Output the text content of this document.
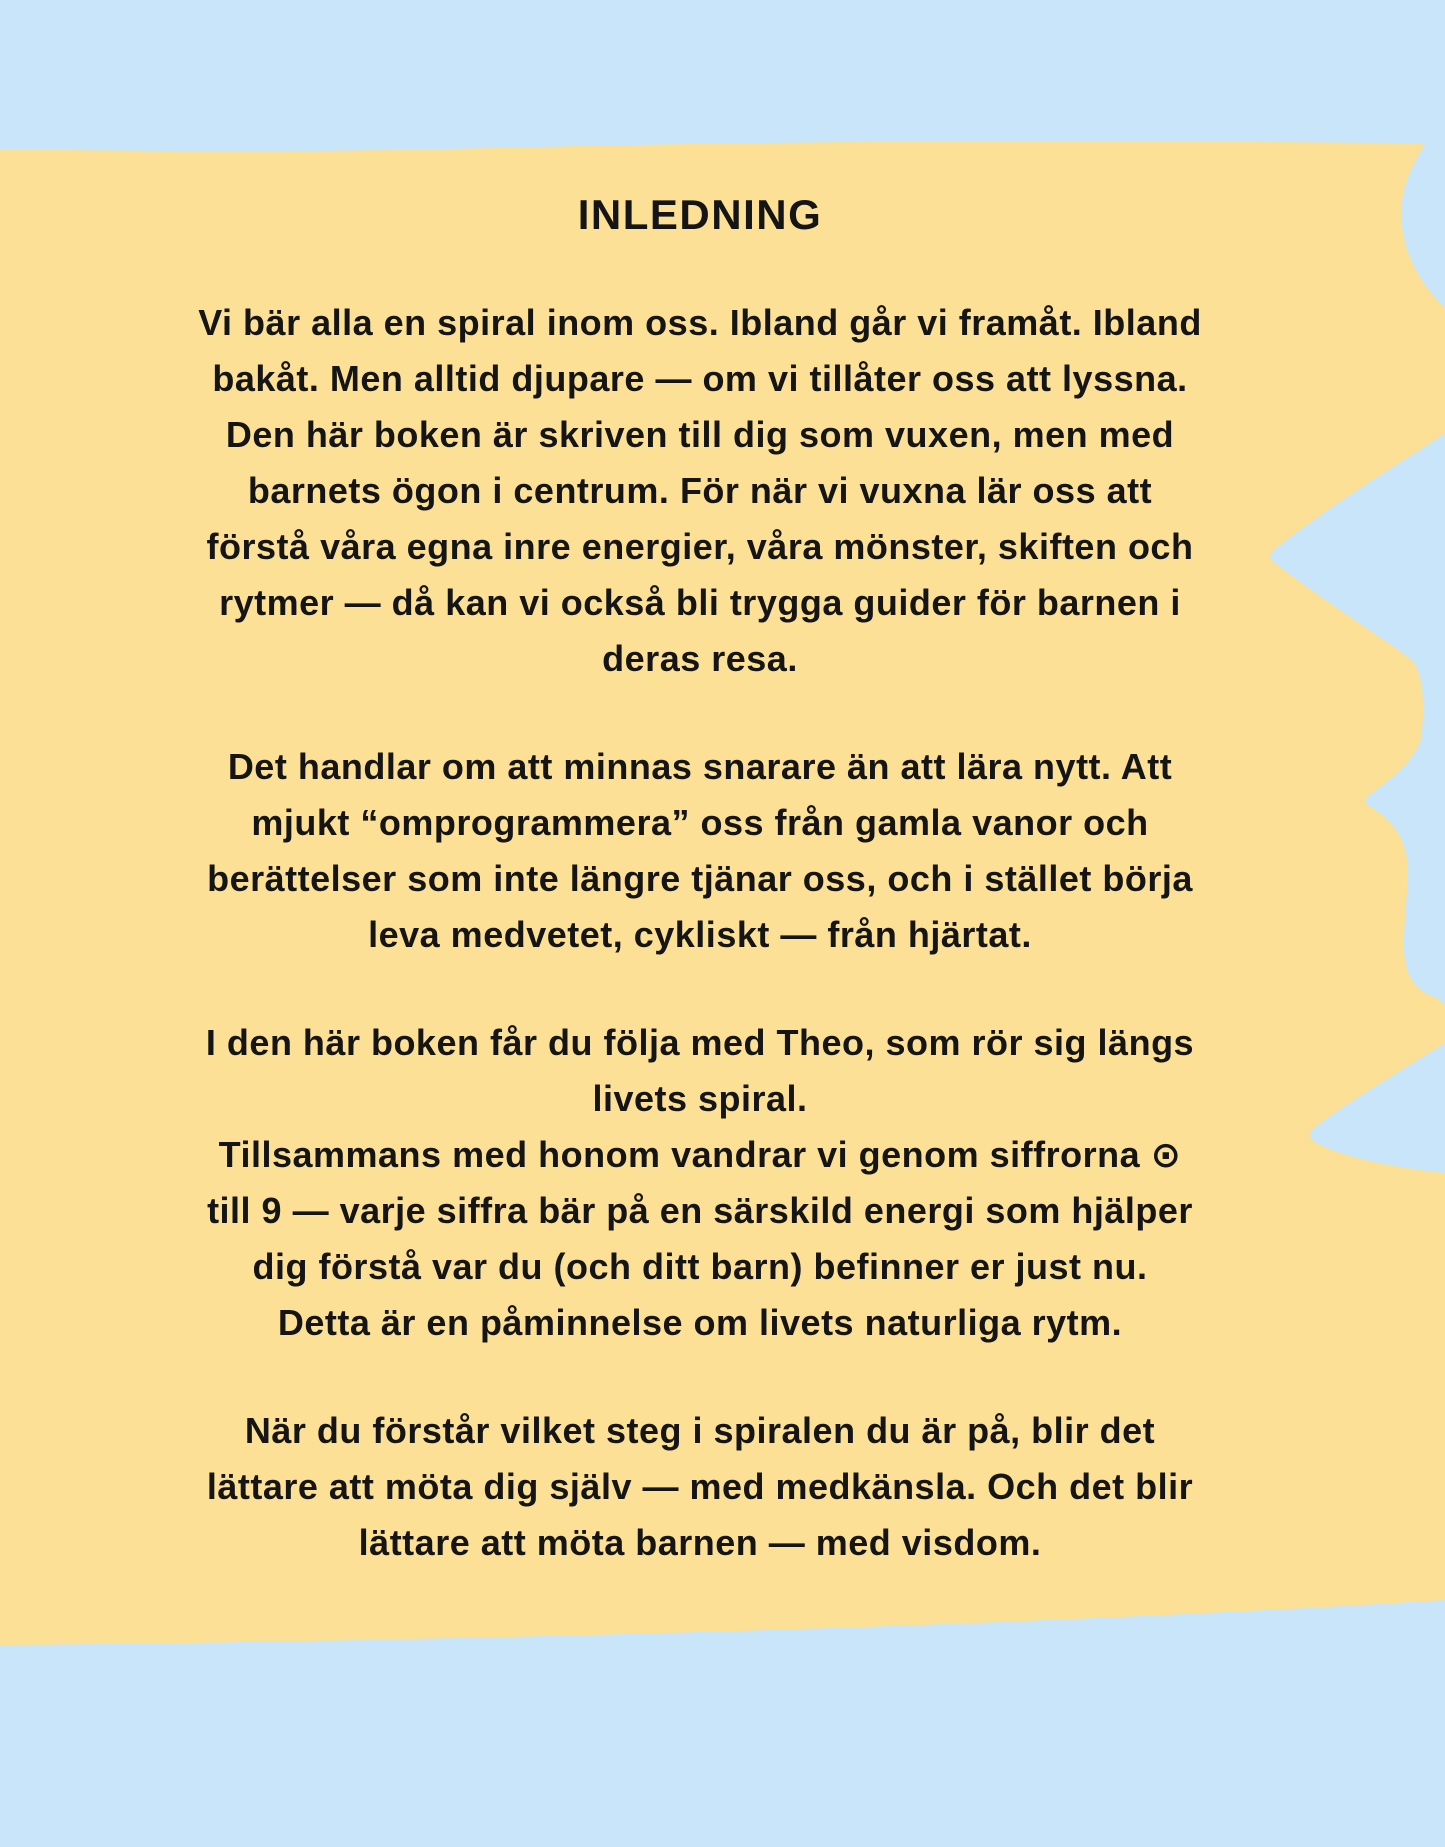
INLEDNING
Vi bär alla en spiral inom oss. Ibland går vi framåt. Ibland
bakåt. Men alltid djupare — om vi tillåter oss att lyssna.
Den här boken är skriven till dig som vuxen, men med
barnets ögon i centrum. För när vi vuxna lär oss att
förstå våra egna inre energier, våra mönster, skiften och
rytmer — då kan vi också bli trygga guider för barnen i
deras resa.
Det handlar om att minnas snarare än att lära nytt. Att
mjukt “omprogrammera” oss från gamla vanor och
berättelser som inte längre tjänar oss, och i stället börja
leva medvetet, cykliskt — från hjärtat.
I den här boken får du följa med Theo, som rör sig längs
livets spiral.
Tillsammans med honom vandrar vi genom siffrorna ⊙
till 9 — varje siffra bär på en särskild energi som hjälper
dig förstå var du (och ditt barn) befinner er just nu.
Detta är en påminnelse om livets naturliga rytm.
När du förstår vilket steg i spiralen du är på, blir det
lättare att möta dig själv — med medkänsla. Och det blir
lättare att möta barnen — med visdom.
